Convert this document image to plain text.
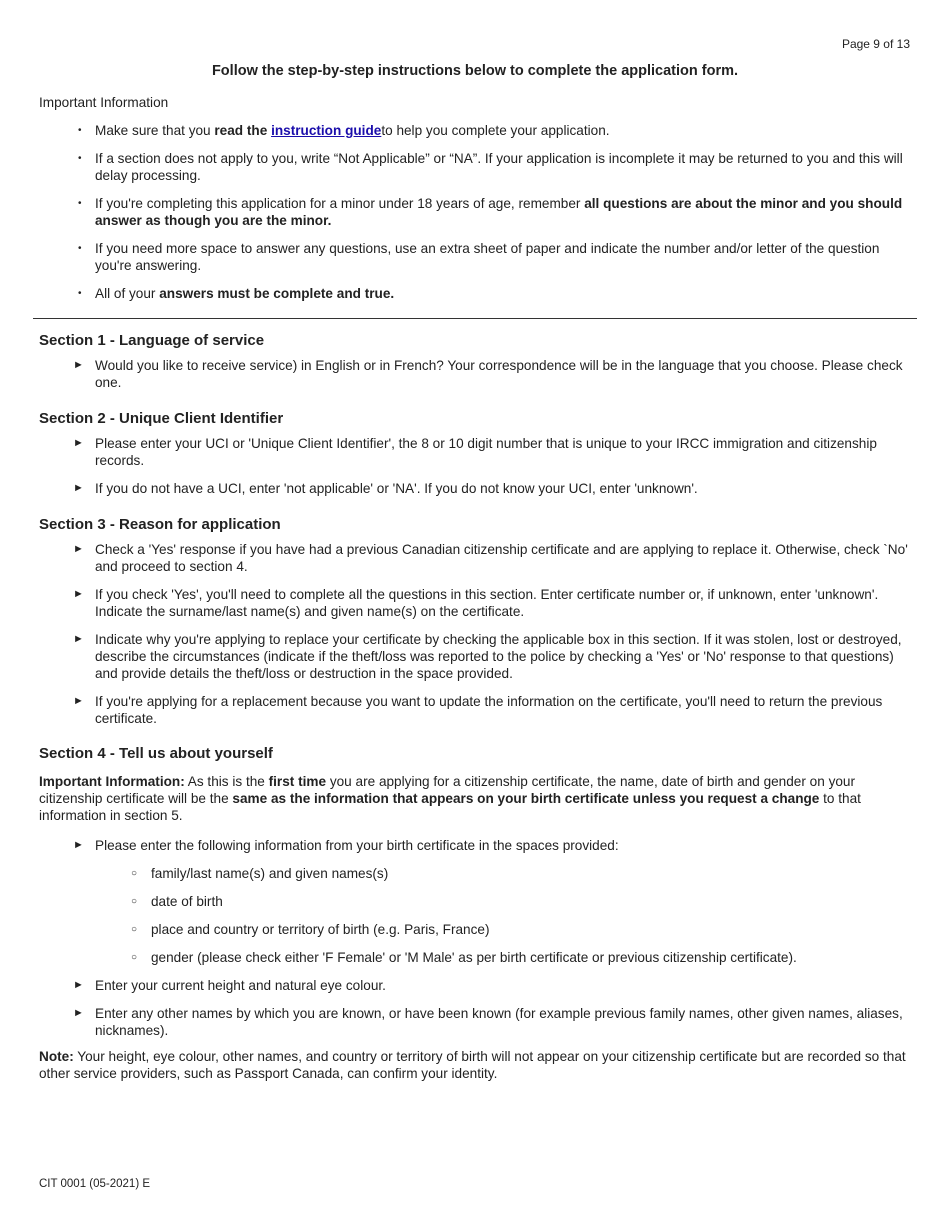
Page 9 of 13
Follow the step-by-step instructions below to complete the application form.
Important Information
• Make sure that you read the instruction guideto help you complete your application.
• If a section does not apply to you, write “Not Applicable” or “NA”. If your application is incomplete it may be returned to you and this will delay processing.
• If you're completing this application for a minor under 18 years of age, remember all questions are about the minor and you should answer as though you are the minor.
• If you need more space to answer any questions, use an extra sheet of paper and indicate the number and/or letter of the question you're answering.
• All of your answers must be complete and true.
Section 1 - Language of service
► Would you like to receive service) in English or in French? Your correspondence will be in the language that you choose. Please check one.
Section 2 - Unique Client Identifier
► Please enter your UCI or 'Unique Client Identifier', the 8 or 10 digit number that is unique to your IRCC immigration and citizenship records.
► If you do not have a UCI, enter 'not applicable' or 'NA'. If you do not know your UCI, enter 'unknown'.
Section 3 - Reason for application
► Check a 'Yes' response if you have had a previous Canadian citizenship certificate and are applying to replace it. Otherwise, check `No' and proceed to section 4.
► If you check 'Yes', you'll need to complete all the questions in this section. Enter certificate number or, if unknown, enter 'unknown'. Indicate the surname/last name(s) and given name(s) on the certificate.
► Indicate why you're applying to replace your certificate by checking the applicable box in this section. If it was stolen, lost or destroyed, describe the circumstances (indicate if the theft/loss was reported to the police by checking a 'Yes' or 'No' response to that questions) and provide details the theft/loss or destruction in the space provided.
► If you're applying for a replacement because you want to update the information on the certificate, you'll need to return the previous certificate.
Section 4 - Tell us about yourself
Important Information: As this is the first time you are applying for a citizenship certificate, the name, date of birth and gender on your citizenship certificate will be the same as the information that appears on your birth certificate unless you request a change to that information in section 5.
► Please enter the following information from your birth certificate in the spaces provided:
○ family/last name(s) and given names(s)
○ date of birth
○ place and country or territory of birth (e.g. Paris, France)
○ gender (please check either 'F Female' or 'M Male' as per birth certificate or previous citizenship certificate).
► Enter your current height and natural eye colour.
► Enter any other names by which you are known, or have been known (for example previous family names, other given names, aliases, nicknames).
Note: Your height, eye colour, other names, and country or territory of birth will not appear on your citizenship certificate but are recorded so that other service providers, such as Passport Canada, can confirm your identity.
CIT 0001 (05-2021) E
